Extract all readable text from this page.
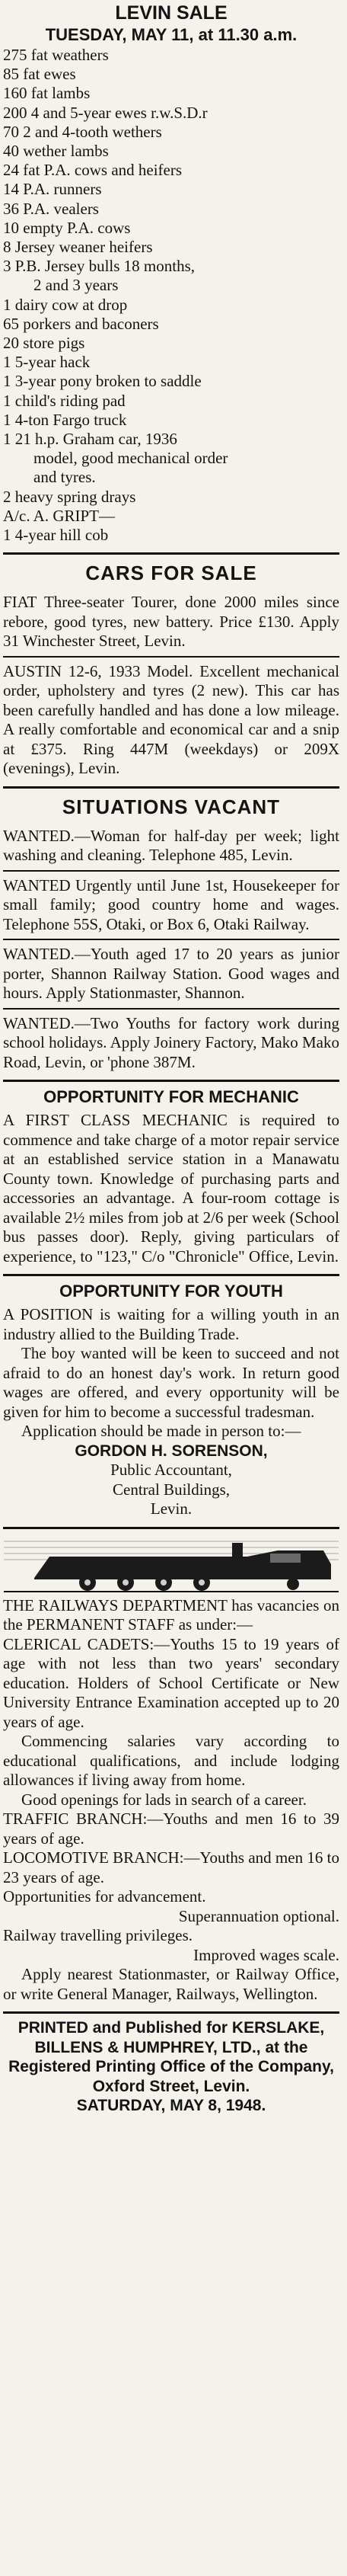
LEVIN SALE
TUESDAY, MAY 11, at 11.30 a.m.
275 fat weathers
85 fat ewes
160 fat lambs
200 4 and 5-year ewes r.w.S.D.r
70 2 and 4-tooth wethers
40 wether lambs
24 fat P.A. cows and heifers
14 P.A. runners
36 P.A. vealers
10 empty P.A. cows
8 Jersey weaner heifers
3 P.B. Jersey bulls 18 months,
2 and 3 years
1 dairy cow at drop
65 porkers and baconers
20 store pigs
1 5-year hack
1 3-year pony broken to saddle
1 child's riding pad
1 4-ton Fargo truck
1 21 h.p. Graham car, 1936
model, good mechanical order
and tyres.
2 heavy spring drays
A/c. A. GRIPT—
1 4-year hill cob
CARS FOR SALE

FIAT Three-seater Tourer, done 2000 miles since rebore, good tyres, new battery. Price £130. Apply 31 Winchester Street, Levin.

AUSTIN 12-6, 1933 Model. Excellent mechanical order, upholstery and tyres (2 new). This car has been carefully handled and has done a low mileage. A really comfortable and economical car and a snip at £375. Ring 447M (weekdays) or 209X (evenings), Levin.

SITUATIONS VACANT

WANTED.—Woman for half-day per week; light washing and cleaning. Telephone 485, Levin.

WANTED Urgently until June 1st, Housekeeper for small family; good country home and wages. Telephone 55S, Otaki, or Box 6, Otaki Railway.

WANTED.—Youth aged 17 to 20 years as junior porter, Shannon Railway Station. Good wages and hours. Apply Stationmaster, Shannon.

WANTED.—Two Youths for factory work during school holidays. Apply Joinery Factory, Mako Mako Road, Levin, or 'phone 387M.

OPPORTUNITY FOR MECHANIC

A FIRST CLASS MECHANIC is required to commence and take charge of a motor repair service at an established service station in a Manawatu County town. Knowledge of purchasing parts and accessories an advantage. A four-room cottage is available 2½ miles from job at 2/6 per week (School bus passes door). Reply, giving particulars of experience, to "123," C/o "Chronicle" Office, Levin.

OPPORTUNITY FOR YOUTH

A POSITION is waiting for a willing youth in an industry allied to the Building Trade.

The boy wanted will be keen to succeed and not afraid to do an honest day's work. In return good wages are offered, and every opportunity will be given for him to become a successful tradesman.

Application should be made in person to:—

GORDON H. SORENSON,

Public Accountant,

Central Buildings,

Levin.

THE RAILWAYS DEPARTMENT has vacancies on the PERMANENT STAFF as under:—

CLERICAL CADETS:—Youths 15 to 19 years of age with not less than two years' secondary education. Holders of School Certificate or New University Entrance Examination accepted up to 20 years of age.

Commencing salaries vary according to educational qualifications, and include lodging allowances if living away from home.

Good openings for lads in search of a career.

TRAFFIC BRANCH:—Youths and men 16 to 39 years of age.

LOCOMOTIVE BRANCH:—Youths and men 16 to 23 years of age.

Opportunities for advancement.

Superannuation optional.

Railway travelling privileges.

Improved wages scale.

Apply nearest Stationmaster, or Railway Office, or write General Manager, Railways, Wellington.

PRINTED and Published for KERSLAKE, BILLENS & HUMPHREY, LTD., at the Registered Printing Office of the Company, Oxford Street, Levin.
SATURDAY, MAY 8, 1948.
